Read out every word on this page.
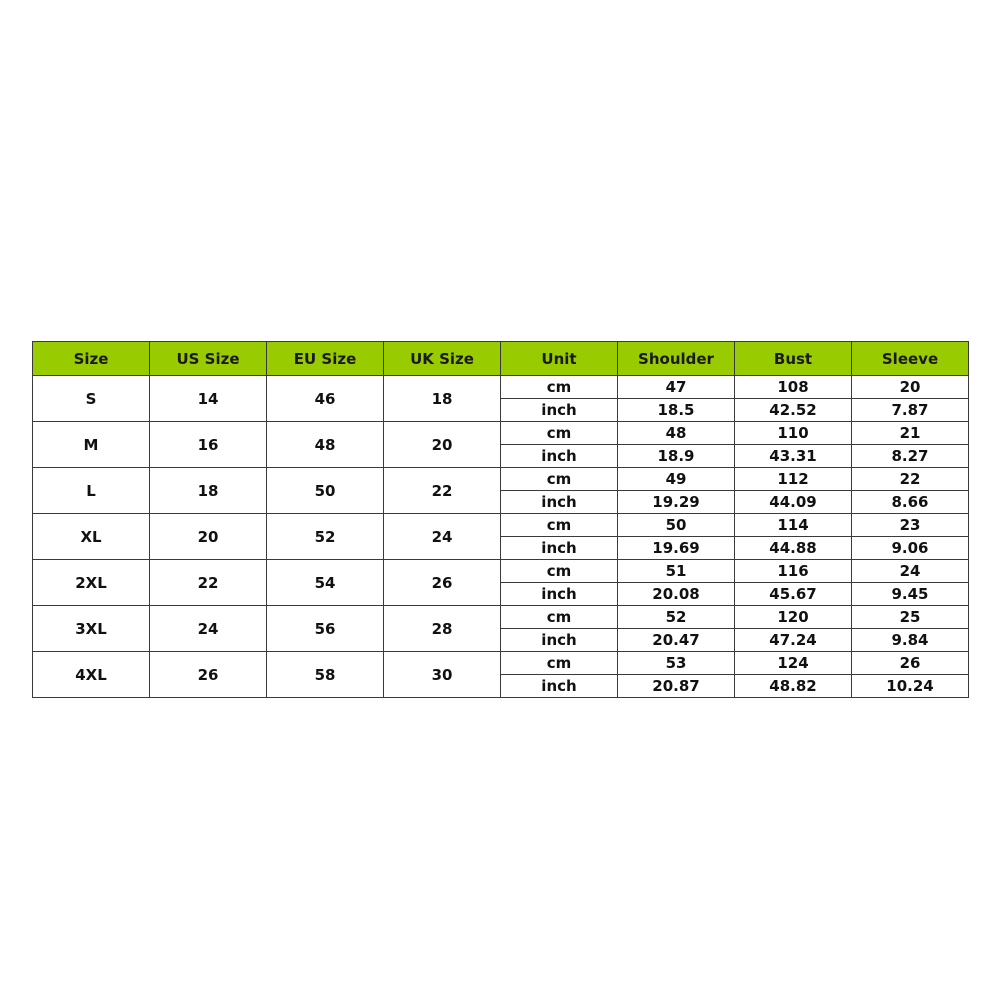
Size	US Size	EU Size	UK Size	Unit	Shoulder	Bust	Sleeve
S	14	46	18	cm	47	108	20
				inch	18.5	42.52	7.87
M	16	48	20	cm	48	110	21
				inch	18.9	43.31	8.27
L	18	50	22	cm	49	112	22
				inch	19.29	44.09	8.66
XL	20	52	24	cm	50	114	23
				inch	19.69	44.88	9.06
2XL	22	54	26	cm	51	116	24
				inch	20.08	45.67	9.45
3XL	24	56	28	cm	52	120	25
				inch	20.47	47.24	9.84
4XL	26	58	30	cm	53	124	26
				inch	20.87	48.82	10.24
